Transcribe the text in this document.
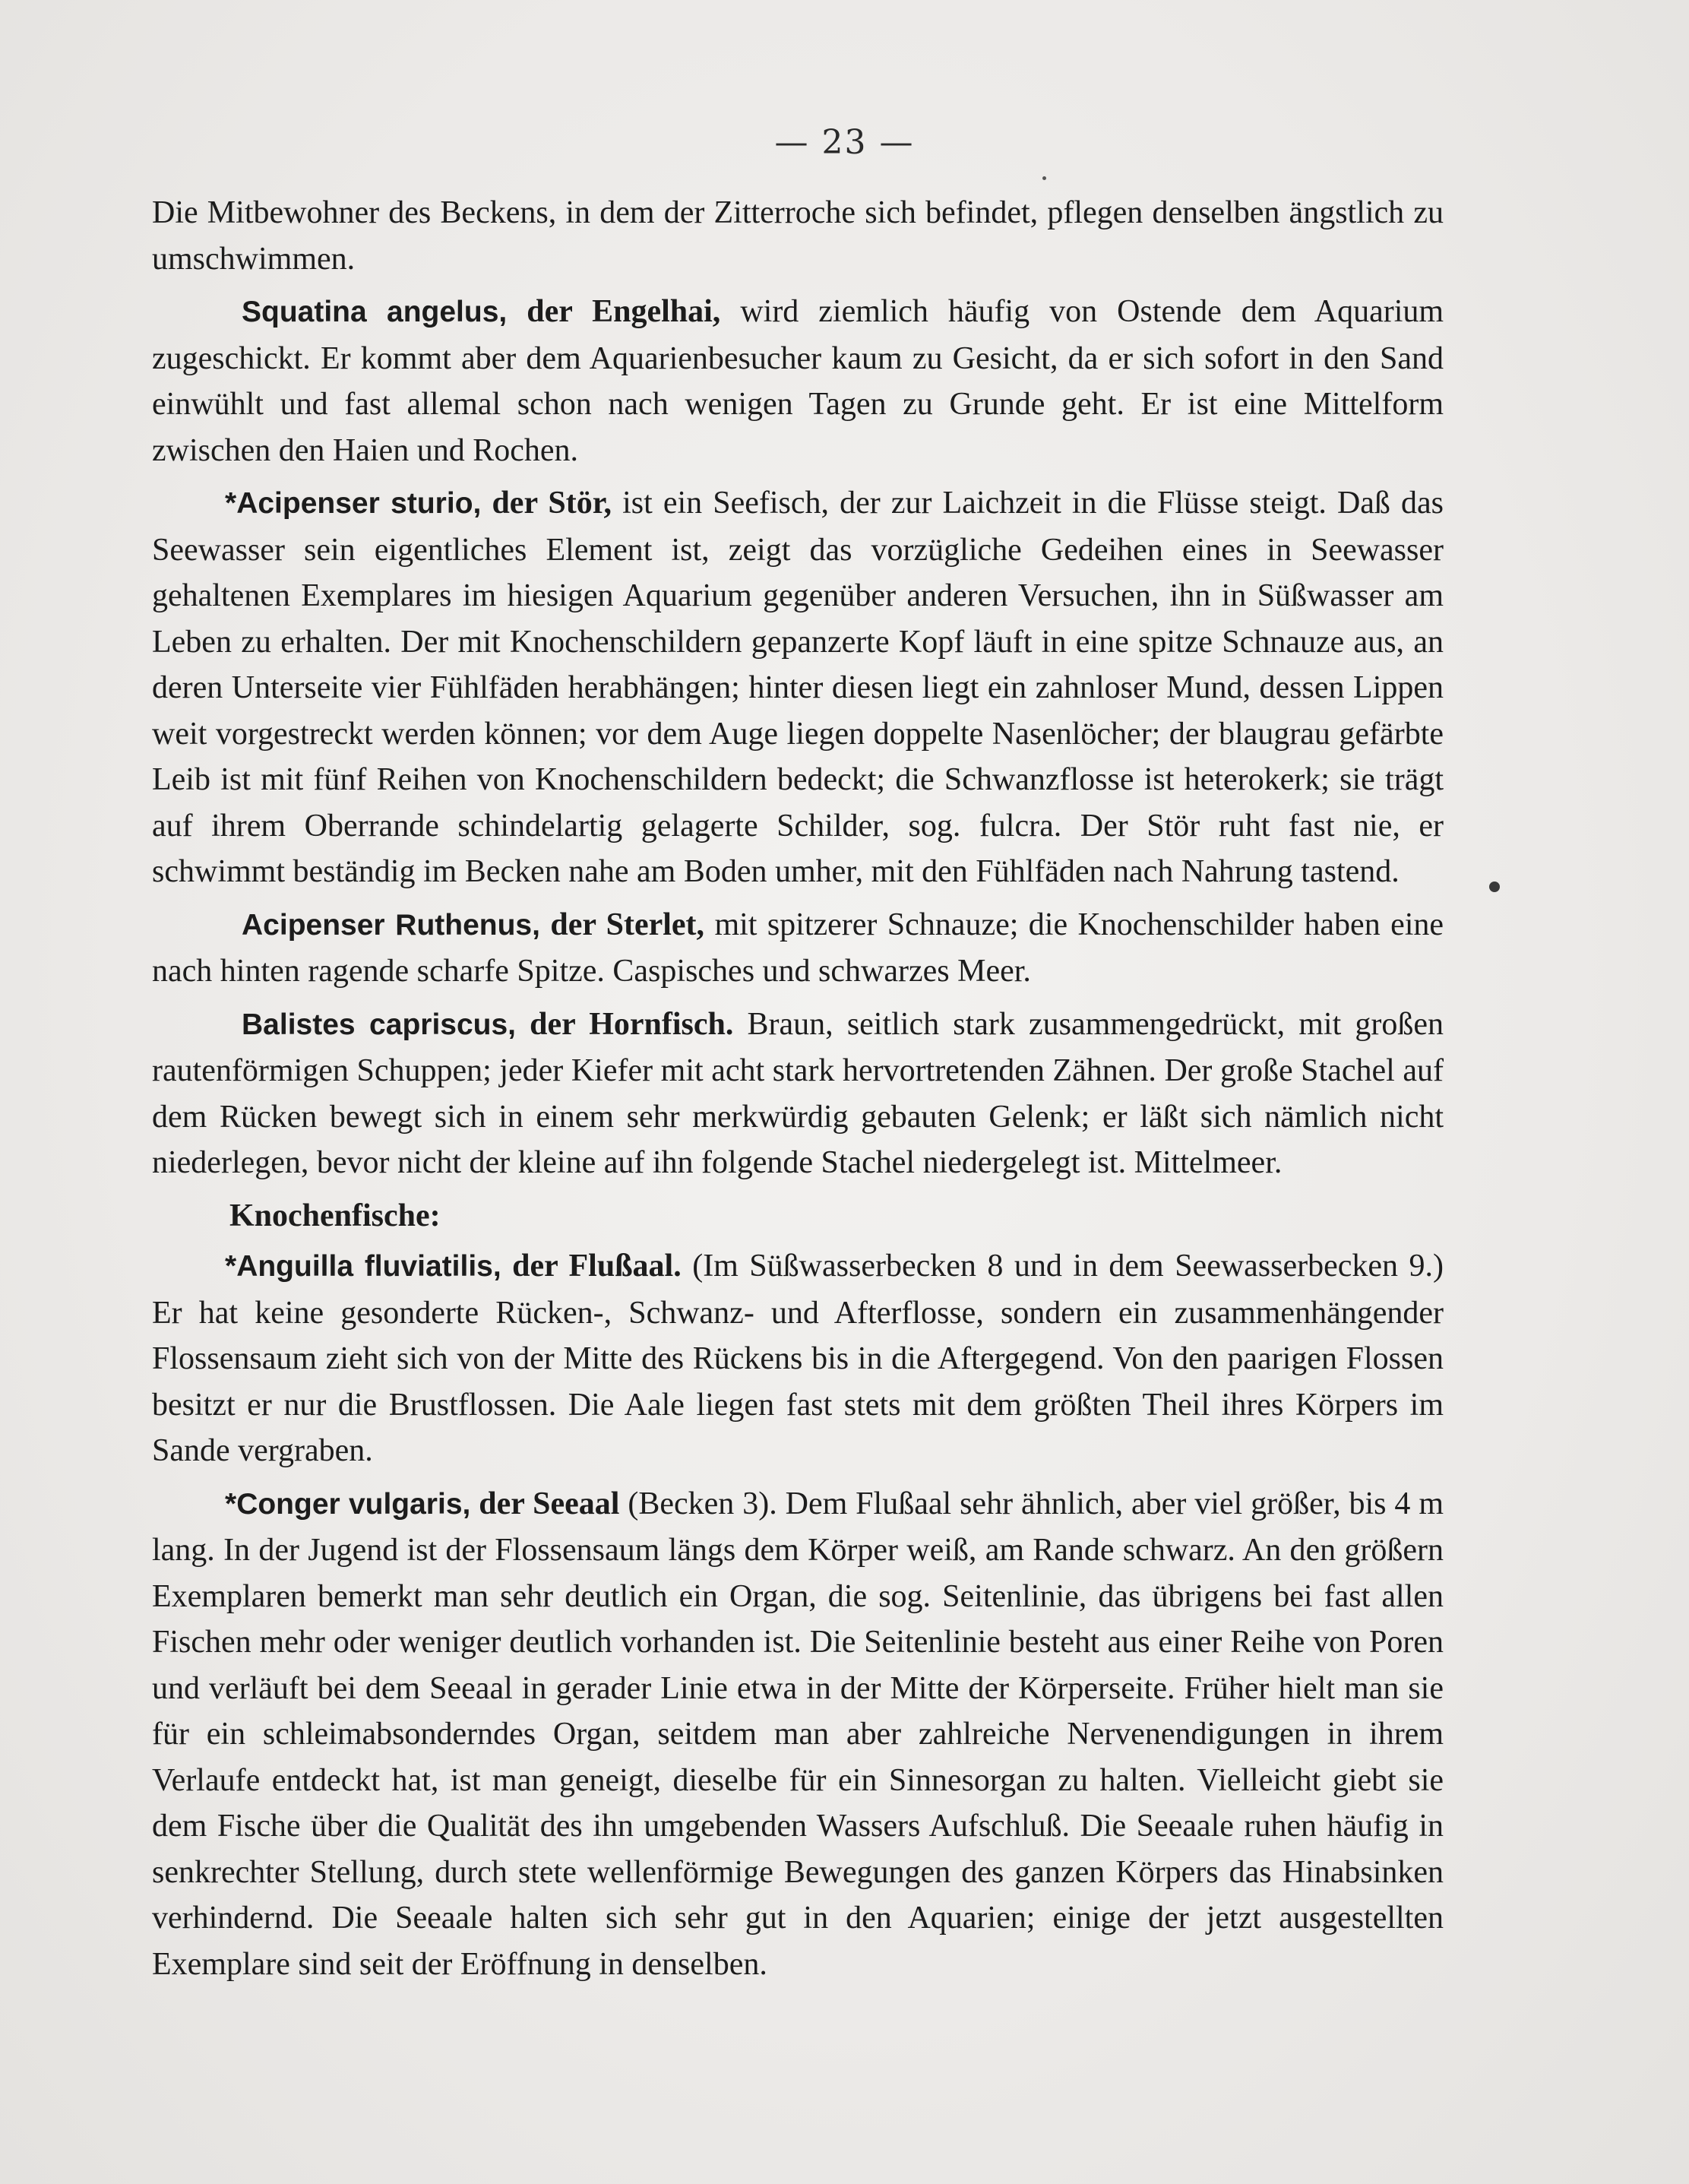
— 23 —

Die Mitbewohner des Beckens, in dem der Zitterroche sich befindet, pflegen denselben ängstlich zu umschwimmen.

Squatina angelus, der Engelhai, wird ziemlich häufig von Ostende dem Aquarium zugeschickt. Er kommt aber dem Aquarienbesucher kaum zu Gesicht, da er sich sofort in den Sand einwühlt und fast allemal schon nach wenigen Tagen zu Grunde geht. Er ist eine Mittelform zwischen den Haien und Rochen.

*Acipenser sturio, der Stör, ist ein Seefisch, der zur Laichzeit in die Flüsse steigt. Daß das Seewasser sein eigentliches Element ist, zeigt das vorzügliche Gedeihen eines in Seewasser gehaltenen Exemplares im hiesigen Aquarium gegenüber anderen Versuchen, ihn in Süßwasser am Leben zu erhalten. Der mit Knochenschildern gepanzerte Kopf läuft in eine spitze Schnauze aus, an deren Unterseite vier Fühlfäden herabhängen; hinter diesen liegt ein zahnloser Mund, dessen Lippen weit vorgestreckt werden können; vor dem Auge liegen doppelte Nasenlöcher; der blaugrau gefärbte Leib ist mit fünf Reihen von Knochenschildern bedeckt; die Schwanzflosse ist heterokerk; sie trägt auf ihrem Oberrande schindelartig gelagerte Schilder, sog. fulcra. Der Stör ruht fast nie, er schwimmt beständig im Becken nahe am Boden umher, mit den Fühlfäden nach Nahrung tastend.

Acipenser Ruthenus, der Sterlet, mit spitzerer Schnauze; die Knochenschilder haben eine nach hinten ragende scharfe Spitze. Caspisches und schwarzes Meer.

Balistes capriscus, der Hornfisch. Braun, seitlich stark zusammengedrückt, mit großen rautenförmigen Schuppen; jeder Kiefer mit acht stark hervortretenden Zähnen. Der große Stachel auf dem Rücken bewegt sich in einem sehr merkwürdig gebauten Gelenk; er läßt sich nämlich nicht niederlegen, bevor nicht der kleine auf ihn folgende Stachel niedergelegt ist. Mittelmeer.

Knochenfische:

*Anguilla fluviatilis, der Flußaal. (Im Süßwasserbecken 8 und in dem Seewasserbecken 9.) Er hat keine gesonderte Rücken-, Schwanz- und Afterflosse, sondern ein zusammenhängender Flossensaum zieht sich von der Mitte des Rückens bis in die Aftergegend. Von den paarigen Flossen besitzt er nur die Brustflossen. Die Aale liegen fast stets mit dem größten Theil ihres Körpers im Sande vergraben.

*Conger vulgaris, der Seeaal (Becken 3). Dem Flußaal sehr ähnlich, aber viel größer, bis 4 m lang. In der Jugend ist der Flossensaum längs dem Körper weiß, am Rande schwarz. An den größern Exemplaren bemerkt man sehr deutlich ein Organ, die sog. Seitenlinie, das übrigens bei fast allen Fischen mehr oder weniger deutlich vorhanden ist. Die Seitenlinie besteht aus einer Reihe von Poren und verläuft bei dem Seeaal in gerader Linie etwa in der Mitte der Körperseite. Früher hielt man sie für ein schleimabsonderndes Organ, seitdem man aber zahlreiche Nervenendigungen in ihrem Verlaufe entdeckt hat, ist man geneigt, dieselbe für ein Sinnesorgan zu halten. Vielleicht giebt sie dem Fische über die Qualität des ihn umgebenden Wassers Aufschluß. Die Seeaale ruhen häufig in senkrechter Stellung, durch stete wellenförmige Bewegungen des ganzen Körpers das Hinabsinken verhindernd. Die Seeaale halten sich sehr gut in den Aquarien; einige der jetzt ausgestellten Exemplare sind seit der Eröffnung in denselben.
